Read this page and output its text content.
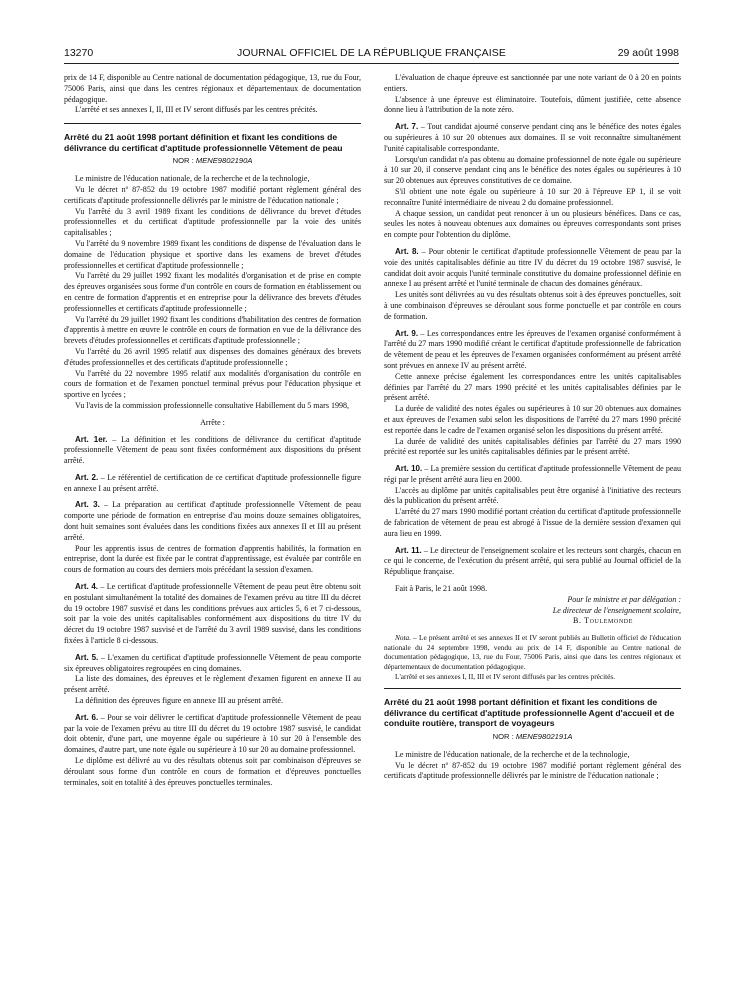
13270	JOURNAL OFFICIEL DE LA RÉPUBLIQUE FRANÇAISE	29 août 1998

prix de 14 F, disponible au Centre national de documentation pédagogique, 13, rue du Four, 75006 Paris, ainsi que dans les centres régionaux et départementaux de documentation pédagogique.

L'arrêté et ses annexes I, II, III et IV seront diffusés par les centres précités.

Arrêté du 21 août 1998 portant définition et fixant les conditions de délivrance du certificat d'aptitude professionnelle Vêtement de peau

NOR : MENE9802190A

Le ministre de l'éducation nationale, de la recherche et de la technologie,

Vu le décret nº 87-852 du 19 octobre 1987 modifié portant règlement général des certificats d'aptitude professionnelle délivrés par le ministre de l'éducation nationale ;

Vu l'arrêté du 3 avril 1989 fixant les conditions de délivrance du brevet d'études professionnelles et du certificat d'aptitude professionnelle par la voie des unités capitalisables ;

Vu l'arrêté du 9 novembre 1989 fixant les conditions de dispense de l'évaluation dans le domaine de l'éducation physique et sportive dans les examens de brevet d'études professionnelles et certificat d'aptitude professionnelle ;

Vu l'arrêté du 29 juillet 1992 fixant les modalités d'organisation et de prise en compte des épreuves organisées sous forme d'un contrôle en cours de formation en établissement ou en centre de formation d'apprentis et en entreprise pour la délivrance des brevets d'études professionnelles et certificats d'aptitude professionnelle ;

Vu l'arrêté du 29 juillet 1992 fixant les conditions d'habilitation des centres de formation d'apprentis à mettre en œuvre le contrôle en cours de formation en vue de la délivrance des brevets d'études professionnelles et certificats d'aptitude professionnelle ;

Vu l'arrêté du 26 avril 1995 relatif aux dispenses des domaines généraux des brevets d'études professionnelles et des certificats d'aptitude professionnelle ;

Vu l'arrêté du 22 novembre 1995 relatif aux modalités d'organisation du contrôle en cours de formation et de l'examen ponctuel terminal prévus pour l'éducation physique et sportive en lycées ;

Vu l'avis de la commission professionnelle consultative Habillement du 5 mars 1998,

Arrête :

Art. 1er. – La définition et les conditions de délivrance du certificat d'aptitude professionnelle Vêtement de peau sont fixées conformément aux dispositions du présent arrêté.

Art. 2. – Le référentiel de certification de ce certificat d'aptitude professionnelle figure en annexe I au présent arrêté.

Art. 3. – La préparation au certificat d'aptitude professionnelle Vêtement de peau comporte une période de formation en entreprise d'au moins douze semaines obligatoires, dont huit semaines sont évaluées dans les conditions fixées aux annexes II et III au présent arrêté.

Pour les apprentis issus de centres de formation d'apprentis habilités, la formation en entreprise, dont la durée est fixée par le contrat d'apprentissage, est évaluée par contrôle en cours de formation au cours des derniers mois précédant la session d'examen.

Art. 4. – Le certificat d'aptitude professionnelle Vêtement de peau peut être obtenu soit en postulant simultanément la totalité des domaines de l'examen prévu au titre III du décret du 19 octobre 1987 susvisé et dans les conditions prévues aux articles 5, 6 et 7 ci-dessous, soit par la voie des unités capitalisables conformément aux dispositions du titre IV du décret du 19 octobre 1987 susvisé et de l'arrêté du 3 avril 1989 susvisé, dans les conditions fixées à l'article 8 ci-dessous.

Art. 5. – L'examen du certificat d'aptitude professionnelle Vêtement de peau comporte six épreuves obligatoires regroupées en cinq domaines.

La liste des domaines, des épreuves et le règlement d'examen figurent en annexe II au présent arrêté.

La définition des épreuves figure en annexe III au présent arrêté.

Art. 6. – Pour se voir délivrer le certificat d'aptitude professionnelle Vêtement de peau par la voie de l'examen prévu au titre III du décret du 19 octobre 1987 susvisé, le candidat doit obtenir, d'une part, une moyenne égale ou supérieure à 10 sur 20 à l'ensemble des domaines, d'autre part, une note égale ou supérieure à 10 sur 20 au domaine professionnel.

Le diplôme est délivré au vu des résultats obtenus soit par combinaison d'épreuves se déroulant sous forme d'un contrôle en cours de formation et d'épreuves ponctuelles terminales, soit en totalité à des épreuves ponctuelles terminales.

L'évaluation de chaque épreuve est sanctionnée par une note variant de 0 à 20 en points entiers.

L'absence à une épreuve est éliminatoire. Toutefois, dûment justifiée, cette absence donne lieu à l'attribution de la note zéro.

Art. 7. – Tout candidat ajourné conserve pendant cinq ans le bénéfice des notes égales ou supérieures à 10 sur 20 obtenues aux domaines. Il se voit reconnaître simultanément l'unité capitalisable correspondante.

Lorsqu'un candidat n'a pas obtenu au domaine professionnel de note égale ou supérieure à 10 sur 20, il conserve pendant cinq ans le bénéfice des notes égales ou supérieures à 10 sur 20 obtenues aux épreuves constitutives de ce domaine.

S'il obtient une note égale ou supérieure à 10 sur 20 à l'épreuve EP 1, il se voit reconnaître l'unité intermédiaire de niveau 2 du domaine professionnel.

A chaque session, un candidat peut renoncer à un ou plusieurs bénéfices. Dans ce cas, seules les notes à nouveau obtenues aux domaines ou épreuves correspondants sont prises en compte pour l'obtention du diplôme.

Art. 8. – Pour obtenir le certificat d'aptitude professionnelle Vêtement de peau par la voie des unités capitalisables définie au titre IV du décret du 19 octobre 1987 susvisé, le candidat doit avoir acquis l'unité terminale constitutive du domaine professionnel définie en annexe I au présent arrêté et l'unité terminale de chacun des domaines généraux.

Les unités sont délivrées au vu des résultats obtenus soit à des épreuves ponctuelles, soit à une combinaison d'épreuves se déroulant sous forme ponctuelle et par contrôle en cours de formation.

Art. 9. – Les correspondances entre les épreuves de l'examen organisé conformément à l'arrêté du 27 mars 1990 modifié créant le certificat d'aptitude professionnelle de fabrication de vêtement de peau et les épreuves de l'examen organisées conformément au présent arrêté sont prévues en annexe IV au présent arrêté.

Cette annexe précise également les correspondances entre les unités capitalisables définies par l'arrêté du 27 mars 1990 précité et les unités capitalisables définies par le présent arrêté.

La durée de validité des notes égales ou supérieures à 10 sur 20 obtenues aux domaines et aux épreuves de l'examen subi selon les dispositions de l'arrêté du 27 mars 1990 précité est reportée dans le cadre de l'examen organisé selon les dispositions du présent arrêté.

La durée de validité des unités capitalisables définies par l'arrêté du 27 mars 1990 précité est reportée sur les unités capitalisables définies par le présent arrêté.

Art. 10. – La première session du certificat d'aptitude professionnelle Vêtement de peau régi par le présent arrêté aura lieu en 2000.

L'accès au diplôme par unités capitalisables peut être organisé à l'initiative des recteurs dès la publication du présent arrêté.

L'arrêté du 27 mars 1990 modifié portant création du certificat d'aptitude professionnelle de fabrication de vêtement de peau est abrogé à l'issue de la dernière session d'examen qui aura lieu en 1999.

Art. 11. – Le directeur de l'enseignement scolaire et les recteurs sont chargés, chacun en ce qui le concerne, de l'exécution du présent arrêté, qui sera publié au Journal officiel de la République française.

Fait à Paris, le 21 août 1998.

Pour le ministre et par délégation :

Le directeur de l'enseignement scolaire,

B. Toulemonde

Nota. – Le présent arrêté et ses annexes II et IV seront publiés au Bulletin officiel de l'éducation nationale du 24 septembre 1998, vendu au prix de 14 F, disponible au Centre national de documentation pédagogique, 13, rue du Four, 75006 Paris, ainsi que dans les centres régionaux et départementaux de documentation pédagogique.

L'arrêté et ses annexes I, II, III et IV seront diffusés par les centres précités.

Arrêté du 21 août 1998 portant définition et fixant les conditions de délivrance du certificat d'aptitude professionnelle Agent d'accueil et de conduite routière, transport de voyageurs

NOR : MENE9802191A

Le ministre de l'éducation nationale, de la recherche et de la technologie,

Vu le décret nº 87-852 du 19 octobre 1987 modifié portant règlement général des certificats d'aptitude professionnelle délivrés par le ministre de l'éducation nationale ;
